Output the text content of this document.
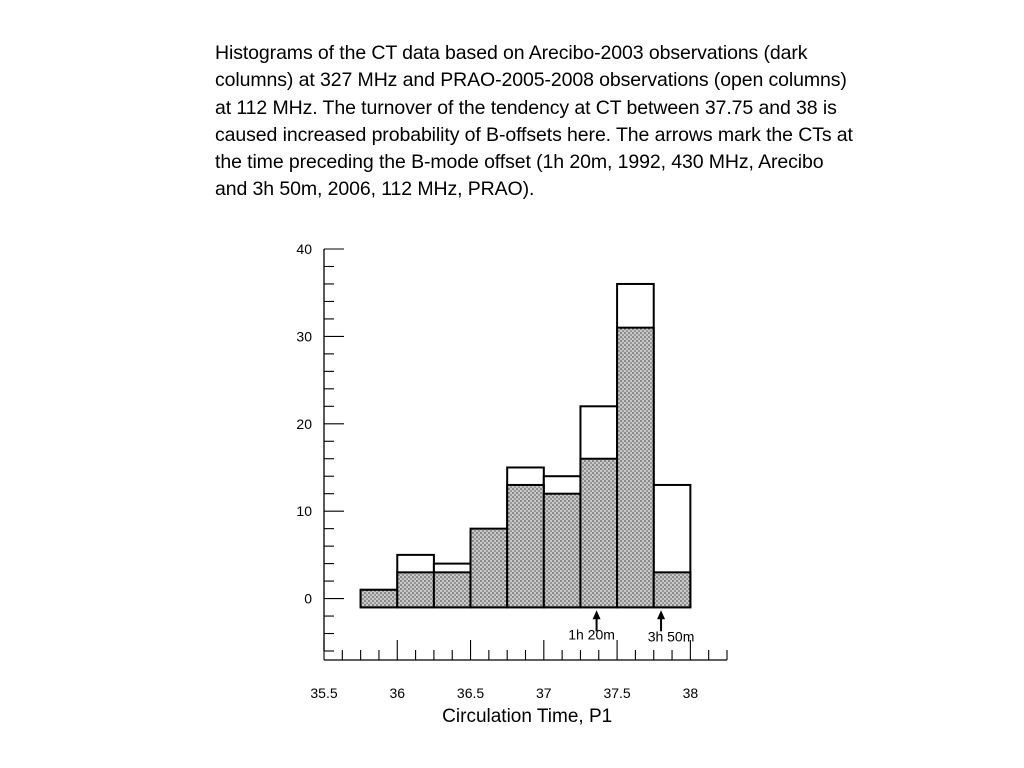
Histograms of the CT data based on Arecibo-2003 observations (dark columns) at 327 MHz and PRAO-2005-2008 observations (open columns) at 112 MHz. The turnover of the tendency at CT between 37.75 and 38 is caused increased probability of B-offsets here. The arrows mark the CTs at the time preceding the B-mode offset (1h 20m, 1992, 430 MHz, Arecibo and 3h 50m, 2006, 112 MHz, PRAO).
0
10
20
30
40
35.5	36	36.5	37	37.5	38
Circulation Time, P1
1h 20m 3h 50m
